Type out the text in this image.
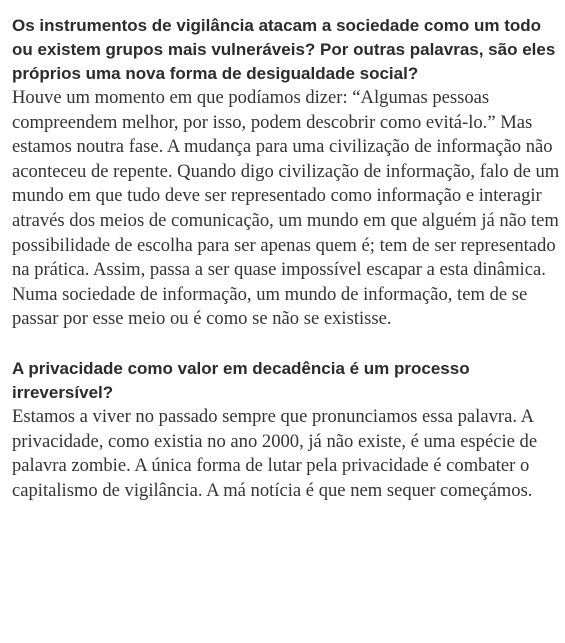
Os instrumentos de vigilância atacam a sociedade como um todo ou existem grupos mais vulneráveis? Por outras palavras, são eles próprios uma nova forma de desigualdade social?

Houve um momento em que podíamos dizer: “Algumas pessoas compreendem melhor, por isso, podem descobrir como evitá-lo.” Mas estamos noutra fase. A mudança para uma civilização de informação não aconteceu de repente. Quando digo civilização de informação, falo de um mundo em que tudo deve ser representado como informação e interagir através dos meios de comunicação, um mundo em que alguém já não tem possibilidade de escolha para ser apenas quem é; tem de ser representado na prática. Assim, passa a ser quase impossível escapar a esta dinâmica. Numa sociedade de informação, um mundo de informação, tem de se passar por esse meio ou é como se não se existisse.

A privacidade como valor em decadência é um processo irreversível?

Estamos a viver no passado sempre que pronunciamos essa palavra. A privacidade, como existia no ano 2000, já não existe, é uma espécie de palavra zombie. A única forma de lutar pela privacidade é combater o capitalismo de vigilância. A má notícia é que nem sequer começámos.
